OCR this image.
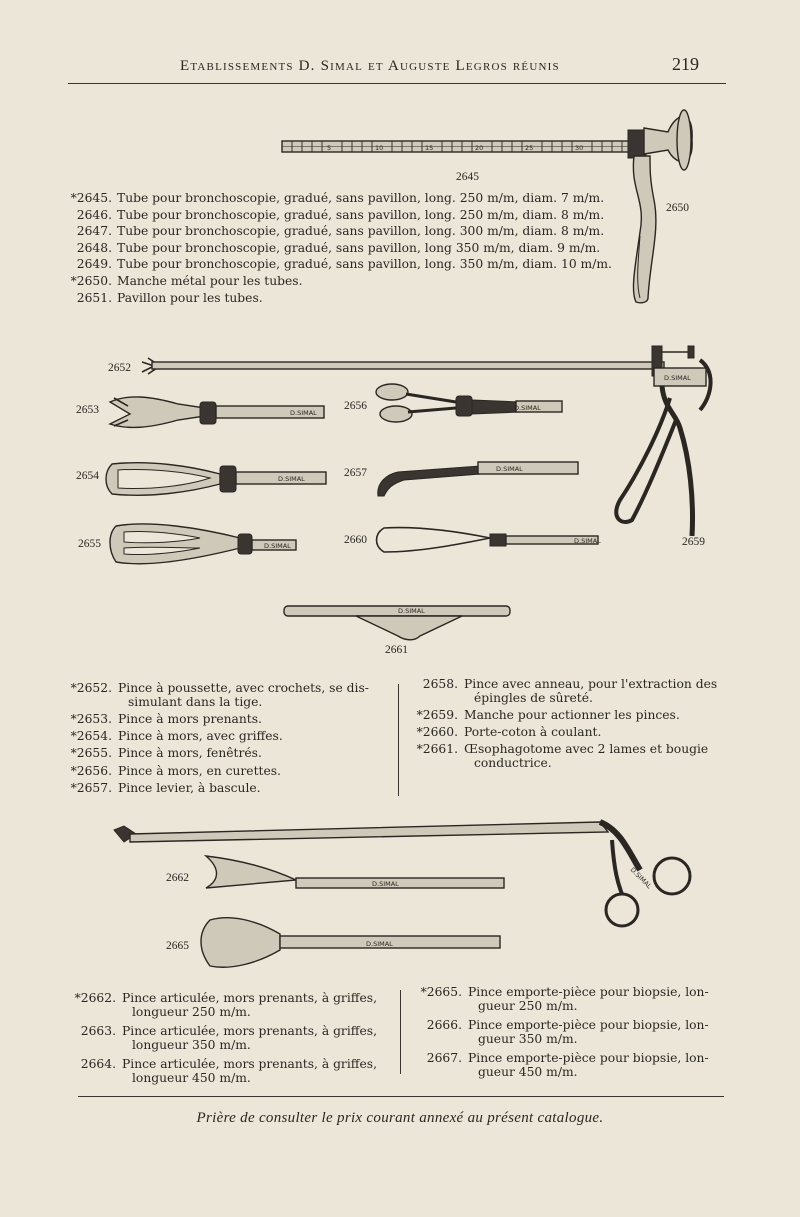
Etablissements D. Simal et Auguste Legros réunis	219
5	10	15	20	25	30
D.SIMAL
D.SIMAL
D.SIMAL
D.SIMAL
D.SIMAL
D.SIMAL
D.SIMAL
D.SIMAL
D.SIMAL
D.SIMAL
D.SIMAL
2645
2650
2652
2653
2654
2655
2656
2657
2660	2659
2661
2662
2665
*2645. Tube pour bronchoscopie, gradué, sans pavillon, long. 250 m/m, diam. 7 m/m.
2646. Tube pour bronchoscopie, gradué, sans pavillon, long. 250 m/m, diam. 8 m/m.
2647. Tube pour bronchoscopie, gradué, sans pavillon, long. 300 m/m, diam. 8 m/m.
2648. Tube pour bronchoscopie, gradué, sans pavillon, long 350 m/m, diam. 9 m/m.
2649. Tube pour bronchoscopie, gradué, sans pavillon, long. 350 m/m, diam. 10 m/m.
*2650. Manche métal pour les tubes.
2651. Pavillon pour les tubes.
*2652. Pince à poussette, avec crochets, se dis-
simulant dans la tige.
*2653. Pince à mors prenants.
*2654. Pince à mors, avec griffes.
*2655. Pince à mors, fenêtrés.
*2656. Pince à mors, en curettes.
*2657. Pince levier, à bascule.
2658. Pince avec anneau, pour l'extraction des
épingles de sûreté.
*2659. Manche pour actionner les pinces.
*2660. Porte-coton à coulant.
*2661. Œsophagotome avec 2 lames et bougie
conductrice.
*2662. Pince articulée, mors prenants, à griffes,
longueur 250 m/m.
2663. Pince articulée, mors prenants, à griffes,
longueur 350 m/m.
2664. Pince articulée, mors prenants, à griffes,
longueur 450 m/m.
*2665. Pince emporte-pièce pour biopsie, lon-
gueur 250 m/m.
2666. Pince emporte-pièce pour biopsie, lon-
gueur 350 m/m.
2667. Pince emporte-pièce pour biopsie, lon-
gueur 450 m/m.
Prière de consulter le prix courant annexé au présent catalogue.
